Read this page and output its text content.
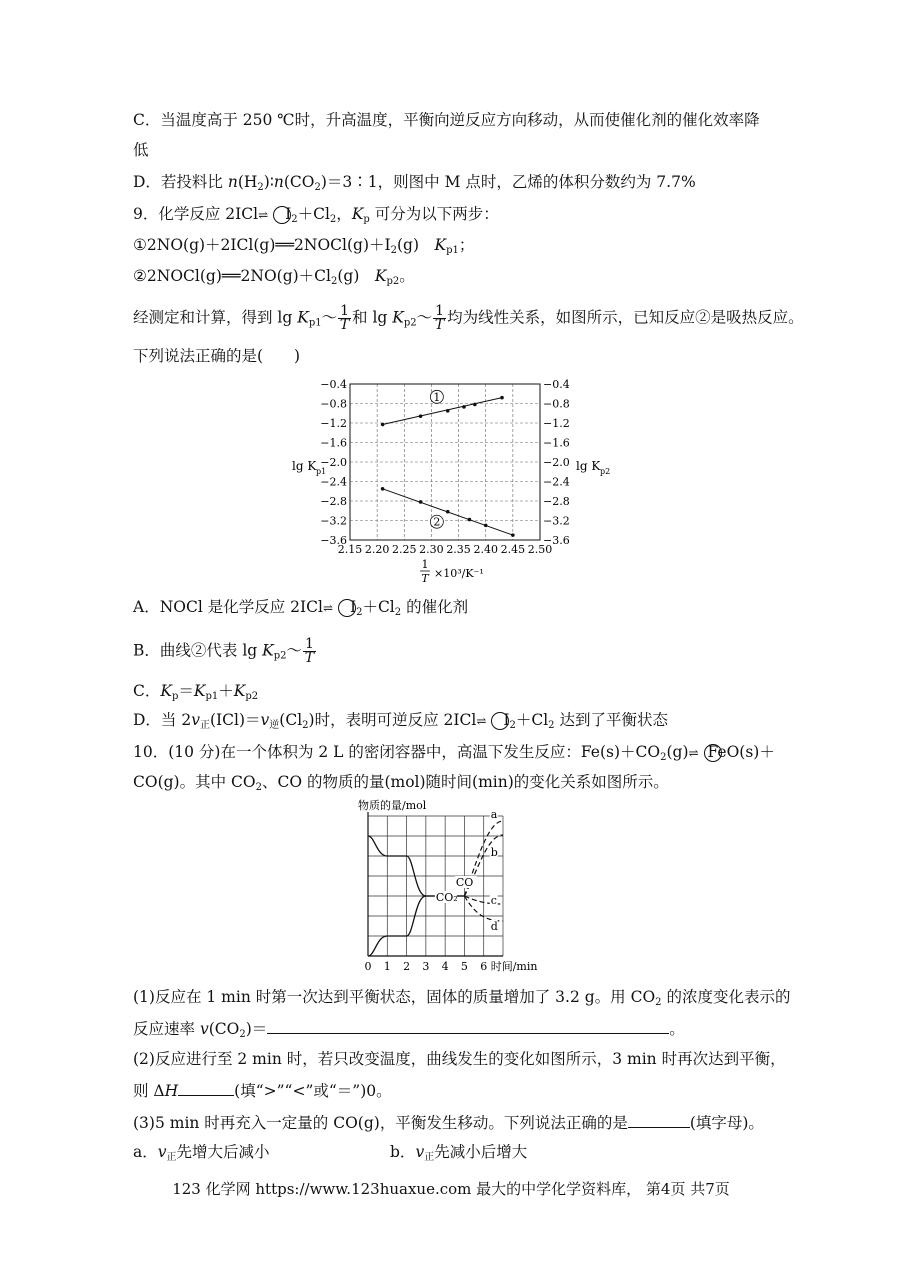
C．当温度高于 250 ℃时，升高温度，平衡向逆反应方向移动，从而使催化剂的催化效率降
低
D．若投料比 $n(H_2)∶n(CO_2)=3∶1$，则图中 M 点时，乙烯的体积分数约为 7.7%
9．化学反应 2ICl⇌ $I_2+Cl_2$，$K_p$ 可分为以下两步：
$①2NO(g)+2ICl(g)══2NOCl(g)+I_2(g)$　$K_{p1}$；
$②2NOCl(g)══2NO(g)+Cl_2(g)$　$K_{p2}$。
经测定和计算，得到 $\lg K_{p1}\sim \frac{1}{T}$ 和 $\lg K_{p2}\sim \frac{1}{T}$ 均为线性关系，如图所示，已知反应②是吸热反应。
下列说法正确的是(　　)
2.15 2.20 2.25 2.30 2.35 2.40 2.45 2.50
−0.4	−0.4
−0.8	−0.8
−1.2	−1.2
−1.6	−1.6
−2.0	−2.0
−2.4	−2.4
−2.8	−2.8
−3.2	−3.2
−3.6	−3.6
1
2
lg K p1	lg K p2
1
T ×10³/K⁻¹
A．NOCl 是化学反应 2ICl⇌ $I_2+Cl_2$ 的催化剂
B．曲线②代表 $\lg K_{p2}\sim \frac{1}{T}$
C．$K_p=K_{p1}+K_{p2}$
D．当 $2v_正(ICl)=v_逆(Cl_2)$时，表明可逆反应 2ICl⇌ $I_2+Cl_2$ 达到了平衡状态
10．(10 分)在一个体积为 2 L 的密闭容器中，高温下发生反应：$Fe(s)+CO_2(g)\rightleftharpoons$ FeO(s)＋
CO(g)。其中 $CO_2$、CO 的物质的量(mol)随时间(min)的变化关系如图所示。
0 1 2 3 4 5 6 时间/min
物质的量/mol
CO₂
CO
a
b
c
d
(1)反应在 1 min 时第一次达到平衡状态，固体的质量增加了 3.2 g。用 $CO_2$ 的浓度变化表示的
反应速率 $v(CO_2)=$	。
(2)反应进行至 2 min 时，若只改变温度，曲线发生的变化如图所示，3 min 时再次达到平衡，
则 ΔH	(填“>”“<”或“＝”)0。
(3)5 min 时再充入一定量的 CO(g)，平衡发生移动。下列说法正确的是	(填字母)。
a．$v_正$先增大后减小	b．$v_正$先减小后增大
123 化学网 https://www.123huaxue.com 最大的中学化学资料库， 第4页 共7页
